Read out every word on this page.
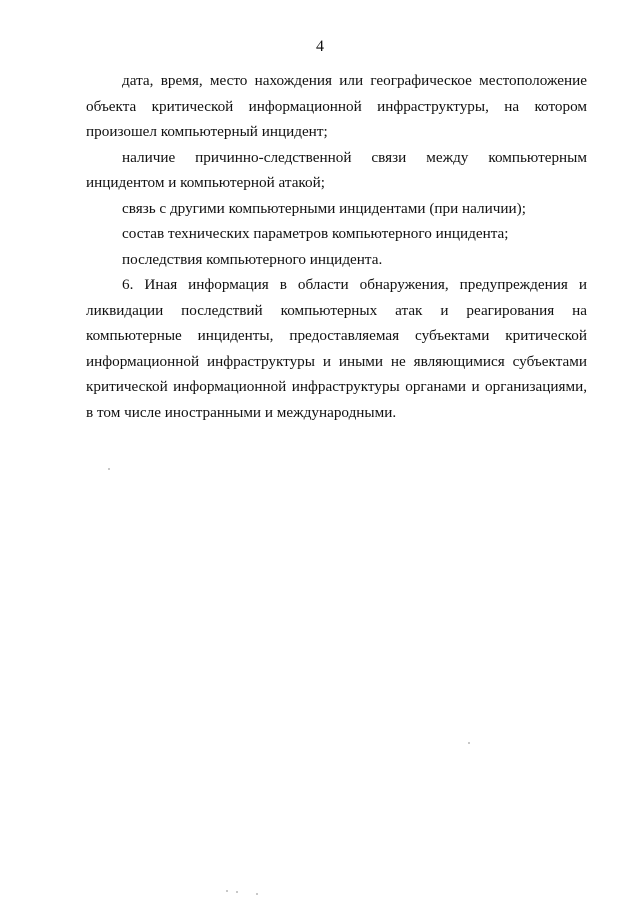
4

дата, время, место нахождения или географическое местоположение объекта критической информационной инфраструктуры, на котором произошел компьютерный инцидент;

наличие причинно-следственной связи между компьютерным инцидентом и компьютерной атакой;

связь с другими компьютерными инцидентами (при наличии);

состав технических параметров компьютерного инцидента;

последствия компьютерного инцидента.

6. Иная информация в области обнаружения, предупреждения и ликвидации последствий компьютерных атак и реагирования на компьютерные инциденты, предоставляемая субъектами критической информационной инфраструктуры и иными не являющимися субъектами критической информационной инфраструктуры органами и организациями, в том числе иностранными и международными.
